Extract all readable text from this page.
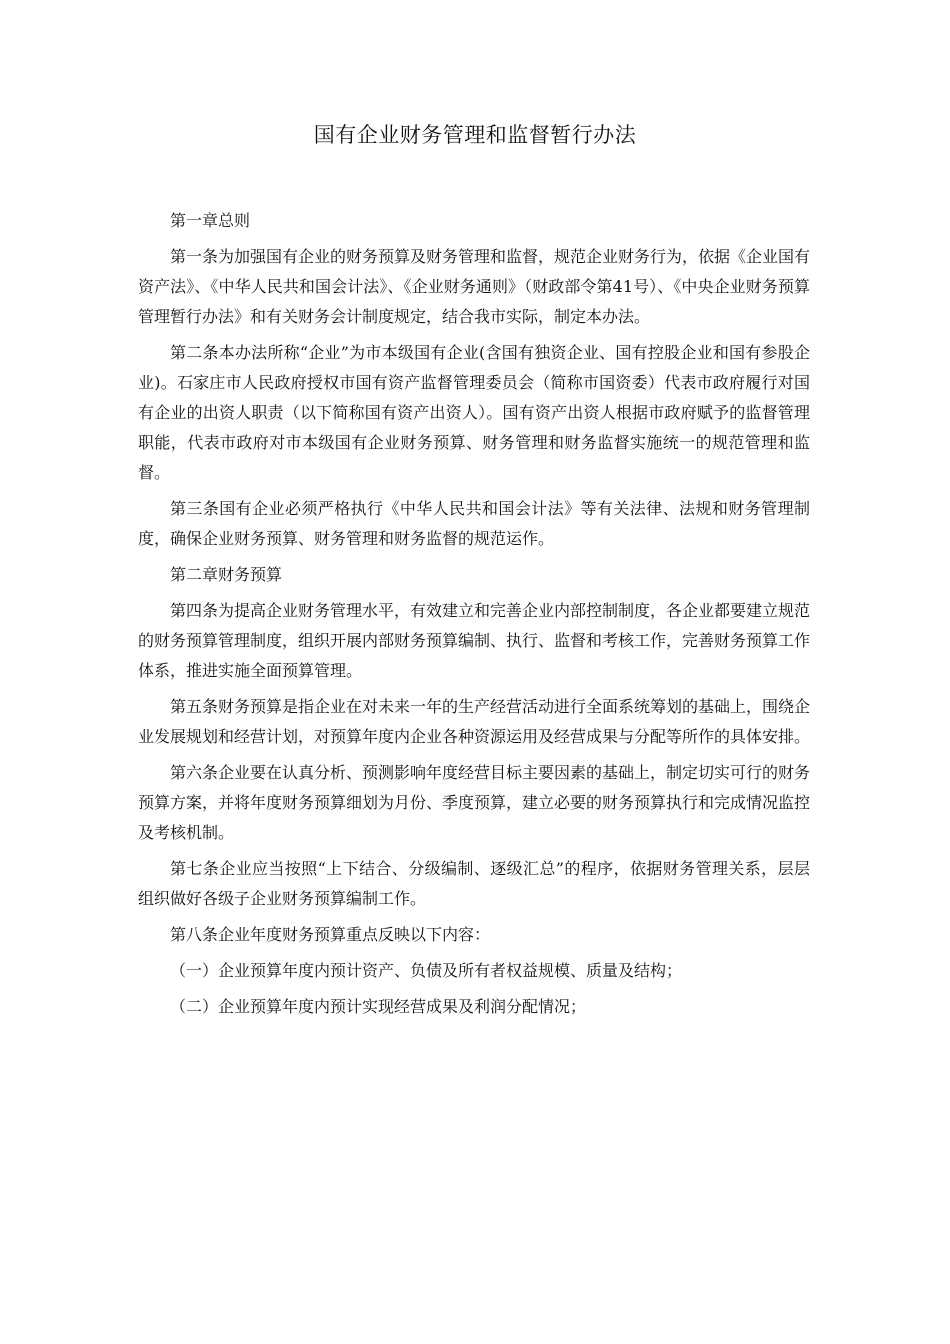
国有企业财务管理和监督暂行办法

第一章总则

第一条为加强国有企业的财务预算及财务管理和监督，规范企业财务行为，依据《企业国有资产法》、《中华人民共和国会计法》、《企业财务通则》（财政部令第41号）、《中央企业财务预算管理暂行办法》和有关财务会计制度规定，结合我市实际，制定本办法。

第二条本办法所称“企业”为市本级国有企业(含国有独资企业、国有控股企业和国有参股企业)。石家庄市人民政府授权市国有资产监督管理委员会（简称市国资委）代表市政府履行对国有企业的出资人职责（以下简称国有资产出资人）。国有资产出资人根据市政府赋予的监督管理职能，代表市政府对市本级国有企业财务预算、财务管理和财务监督实施统一的规范管理和监督。

第三条国有企业必须严格执行《中华人民共和国会计法》等有关法律、法规和财务管理制度，确保企业财务预算、财务管理和财务监督的规范运作。

第二章财务预算

第四条为提高企业财务管理水平，有效建立和完善企业内部控制制度，各企业都要建立规范的财务预算管理制度，组织开展内部财务预算编制、执行、监督和考核工作，完善财务预算工作体系，推进实施全面预算管理。

第五条财务预算是指企业在对未来一年的生产经营活动进行全面系统筹划的基础上，围绕企业发展规划和经营计划，对预算年度内企业各种资源运用及经营成果与分配等所作的具体安排。

第六条企业要在认真分析、预测影响年度经营目标主要因素的基础上，制定切实可行的财务预算方案，并将年度财务预算细划为月份、季度预算，建立必要的财务预算执行和完成情况监控及考核机制。

第七条企业应当按照“上下结合、分级编制、逐级汇总”的程序，依据财务管理关系，层层组织做好各级子企业财务预算编制工作。

第八条企业年度财务预算重点反映以下内容：

（一）企业预算年度内预计资产、负债及所有者权益规模、质量及结构；

（二）企业预算年度内预计实现经营成果及利润分配情况；
